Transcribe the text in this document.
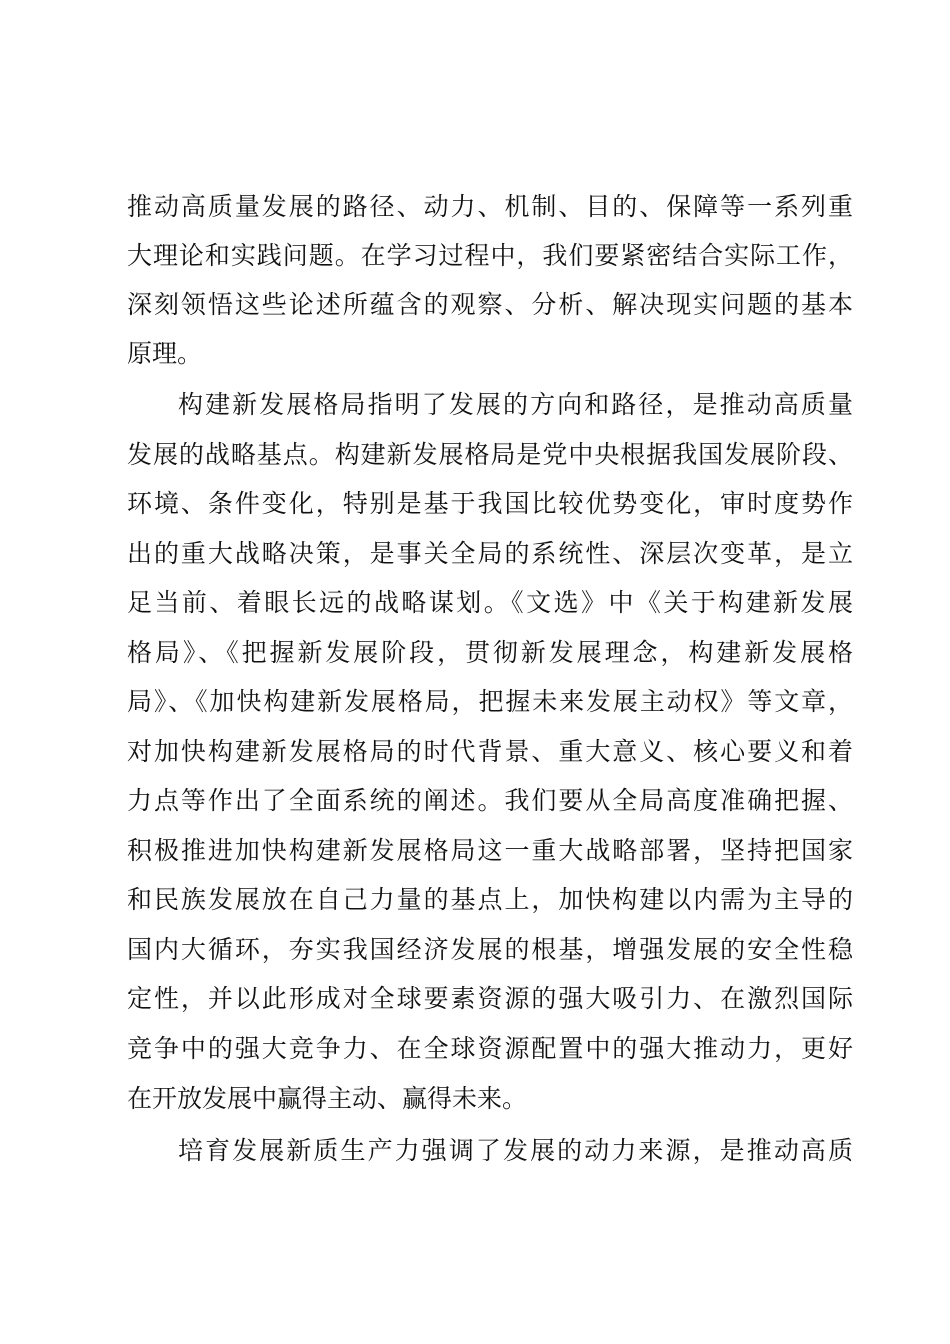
推动高质量发展的路径、动力、机制、目的、保障等一系列重
大理论和实践问题。在学习过程中，我们要紧密结合实际工作，
深刻领悟这些论述所蕴含的观察、分析、解决现实问题的基本
原理。
构建新发展格局指明了发展的方向和路径，是推动高质量
发展的战略基点。构建新发展格局是党中央根据我国发展阶段、
环境、条件变化，特别是基于我国比较优势变化，审时度势作
出的重大战略决策，是事关全局的系统性、深层次变革，是立
足当前、着眼长远的战略谋划。《文选》中《关于构建新发展
格局》、《把握新发展阶段，贯彻新发展理念，构建新发展格
局》、《加快构建新发展格局，把握未来发展主动权》等文章，
对加快构建新发展格局的时代背景、重大意义、核心要义和着
力点等作出了全面系统的阐述。我们要从全局高度准确把握、
积极推进加快构建新发展格局这一重大战略部署，坚持把国家
和民族发展放在自己力量的基点上，加快构建以内需为主导的
国内大循环，夯实我国经济发展的根基，增强发展的安全性稳
定性，并以此形成对全球要素资源的强大吸引力、在激烈国际
竞争中的强大竞争力、在全球资源配置中的强大推动力，更好
在开放发展中赢得主动、赢得未来。
培育发展新质生产力强调了发展的动力来源，是推动高质
